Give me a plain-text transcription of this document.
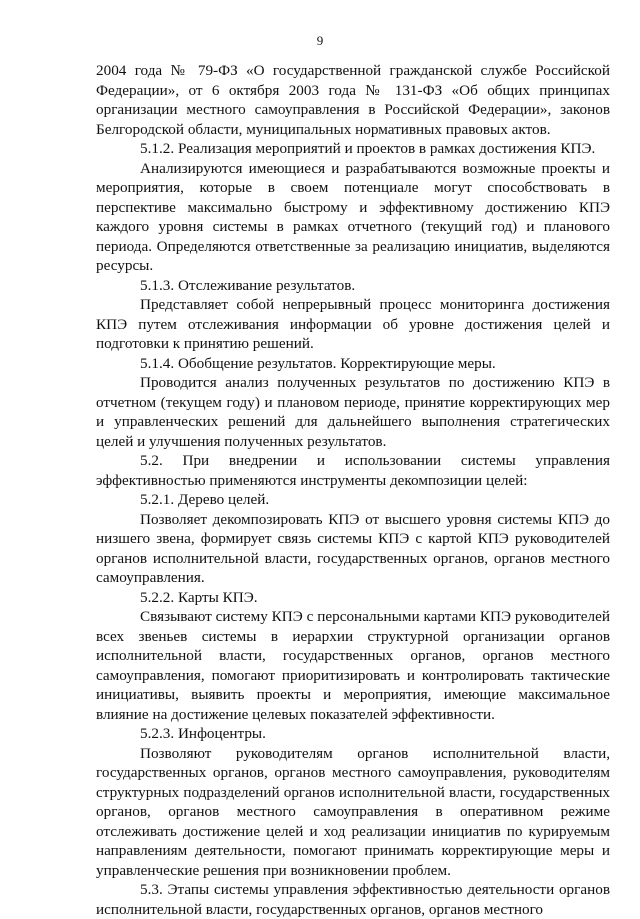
9

2004 года № 79-ФЗ «О государственной гражданской службе Российской Федерации», от 6 октября 2003 года № 131-ФЗ «Об общих принципах организации местного самоуправления в Российской Федерации», законов Белгородской области, муниципальных нормативных правовых актов.

5.1.2. Реализация мероприятий и проектов в рамках достижения КПЭ.

Анализируются имеющиеся и разрабатываются возможные проекты и мероприятия, которые в своем потенциале могут способствовать в перспективе максимально быстрому и эффективному достижению КПЭ каждого уровня системы в рамках отчетного (текущий год) и планового периода. Определяются ответственные за реализацию инициатив, выделяются ресурсы.

5.1.3. Отслеживание результатов.

Представляет собой непрерывный процесс мониторинга достижения КПЭ путем отслеживания информации об уровне достижения целей и подготовки к принятию решений.

5.1.4. Обобщение результатов. Корректирующие меры.

Проводится анализ полученных результатов по достижению КПЭ в отчетном (текущем году) и плановом периоде, принятие корректирующих мер и управленческих решений для дальнейшего выполнения стратегических целей и улучшения полученных результатов.

5.2. При внедрении и использовании системы управления эффективностью применяются инструменты декомпозиции целей:

5.2.1. Дерево целей.

Позволяет декомпозировать КПЭ от высшего уровня системы КПЭ до низшего звена, формирует связь системы КПЭ с картой КПЭ руководителей органов исполнительной власти, государственных органов, органов местного самоуправления.

5.2.2. Карты КПЭ.

Связывают систему КПЭ с персональными картами КПЭ руководителей всех звеньев системы в иерархии структурной организации органов исполнительной власти, государственных органов, органов местного самоуправления, помогают приоритизировать и контролировать тактические инициативы, выявить проекты и мероприятия, имеющие максимальное влияние на достижение целевых показателей эффективности.

5.2.3. Инфоцентры.

Позволяют руководителям органов исполнительной власти, государственных органов, органов местного самоуправления, руководителям структурных подразделений органов исполнительной власти, государственных органов, органов местного самоуправления в оперативном режиме отслеживать достижение целей и ход реализации инициатив по курируемым направлениям деятельности, помогают принимать корректирующие меры и управленческие решения при возникновении проблем.

5.3. Этапы системы управления эффективностью деятельности органов исполнительной власти, государственных органов, органов местного
